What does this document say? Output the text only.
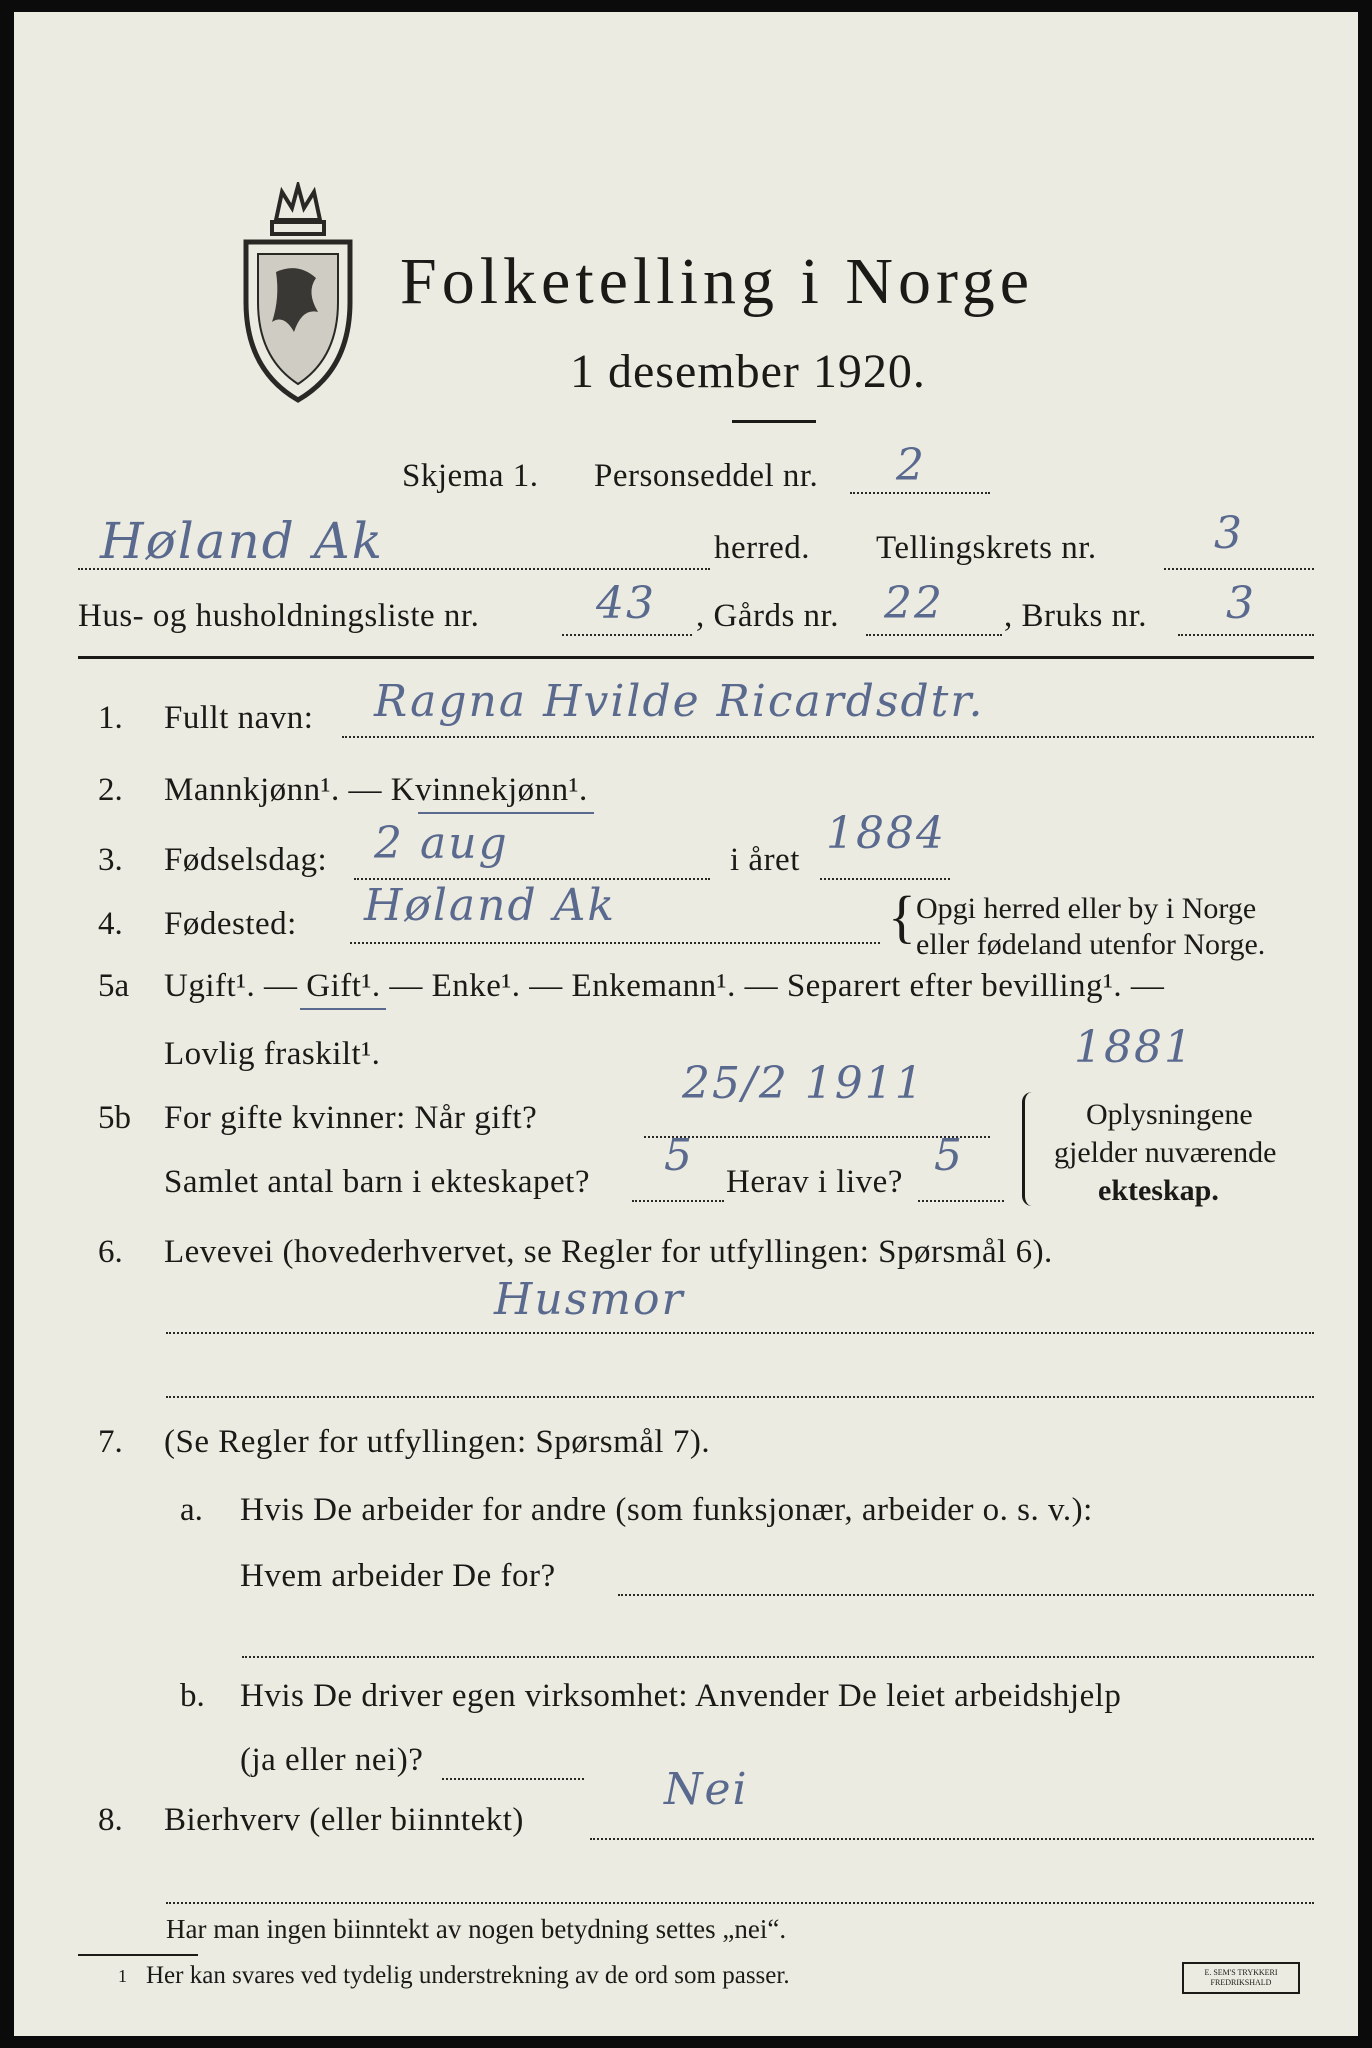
Folketelling i Norge
1 desember 1920.
Skjema 1. Personseddel nr. 2
Høland Ak	herred. Tellingskrets nr.	3
Hus- og husholdningsliste nr.	43 , Gårds nr. 22 , Bruks nr. 3
1. Fullt navn: Ragna Hvilde Ricardsdtr.
2. Mannkjønn¹. — Kvinnekjønn¹.
3. Fødselsdag: 2 aug	i året
1884
4. Fødested: Høland Ak	{ Opgi herred eller by i Norge
eller fødeland utenfor Norge.
5a Ugift¹. — Gift¹. — Enke¹. — Enkemann¹. — Separert efter bevilling¹. —
Lovlig fraskilt¹.
5b For gifte kvinner: Når gift?
25/2 1911
1881
Samlet antal barn i ekteskapet?
5
Herav i live?
5
Oplysningene
gjelder nuværende
ekteskap.
6. Levevei (hovederhvervet, se Regler for utfyllingen: Spørsmål 6).
Husmor
7. (Se Regler for utfyllingen: Spørsmål 7).
a. Hvis De arbeider for andre (som funksjonær, arbeider o. s. v.):
Hvem arbeider De for?
b. Hvis De driver egen virksomhet: Anvender De leiet arbeidshjelp
(ja eller nei)?
8. Bierhverv (eller biinntekt)
Nei
Har man ingen biinntekt av nogen betydning settes „nei“.
1 Her kan svares ved tydelig understrekning av de ord som passer.	E. SEM'S TRYKKERI
FREDRIKSHALD
